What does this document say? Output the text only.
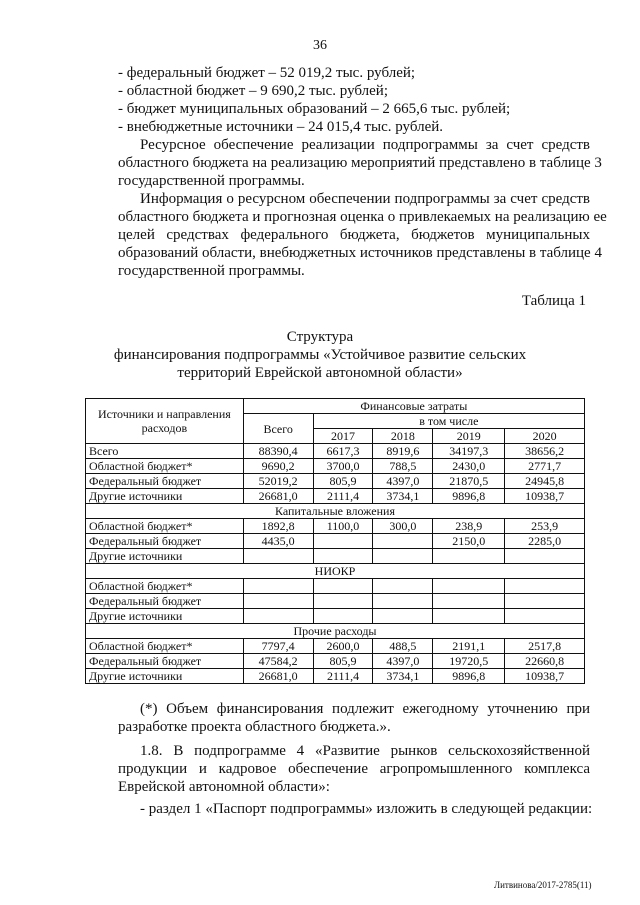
36
- федеральный бюджет – 52 019,2 тыс. рублей;
- областной бюджет – 9 690,2 тыс. рублей;
- бюджет муниципальных образований – 2 665,6 тыс. рублей;
- внебюджетные источники – 24 015,4 тыс. рублей.
Ресурсное обеспечение реализации подпрограммы за счет средств
областного бюджета на реализацию мероприятий представлено в таблице 3
государственной программы.
Информация о ресурсном обеспечении подпрограммы за счет средств
областного бюджета и прогнозная оценка о привлекаемых на реализацию ее
целей средствах федерального бюджета, бюджетов муниципальных
образований области, внебюджетных источников представлены в таблице 4
государственной программы.
Таблица 1
Структура
финансирования подпрограммы «Устойчивое развитие сельских
территорий Еврейской автономной области»
Источники и направления расходов	Финансовые затраты				
	Всего	в том числе			
		2017	2018	2019	2020
Всего	88390,4	6617,3	8919,6	34197,3	38656,2
Областной бюджет*	9690,2	3700,0	788,5	2430,0	2771,7
Федеральный бюджет	52019,2	805,9	4397,0	21870,5	24945,8
Другие источники	26681,0	2111,4	3734,1	9896,8	10938,7
Капитальные вложения					
Областной бюджет*	1892,8	1100,0	300,0	238,9	253,9
Федеральный бюджет	4435,0			2150,0	2285,0
Другие источники					
НИОКР					
Областной бюджет*					
Федеральный бюджет					
Другие источники					
Прочие расходы					
Областной бюджет*	7797,4	2600,0	488,5	2191,1	2517,8
Федеральный бюджет	47584,2	805,9	4397,0	19720,5	22660,8
Другие источники	26681,0	2111,4	3734,1	9896,8	10938,7
(*) Объем финансирования подлежит ежегодному уточнению при
разработке проекта областного бюджета.».
1.8. В подпрограмме 4 «Развитие рынков сельскохозяйственной
продукции и кадровое обеспечение агропромышленного комплекса
Еврейской автономной области»:
- раздел 1 «Паспорт подпрограммы» изложить в следующей редакции:
Литвинова/2017-2785(11)
